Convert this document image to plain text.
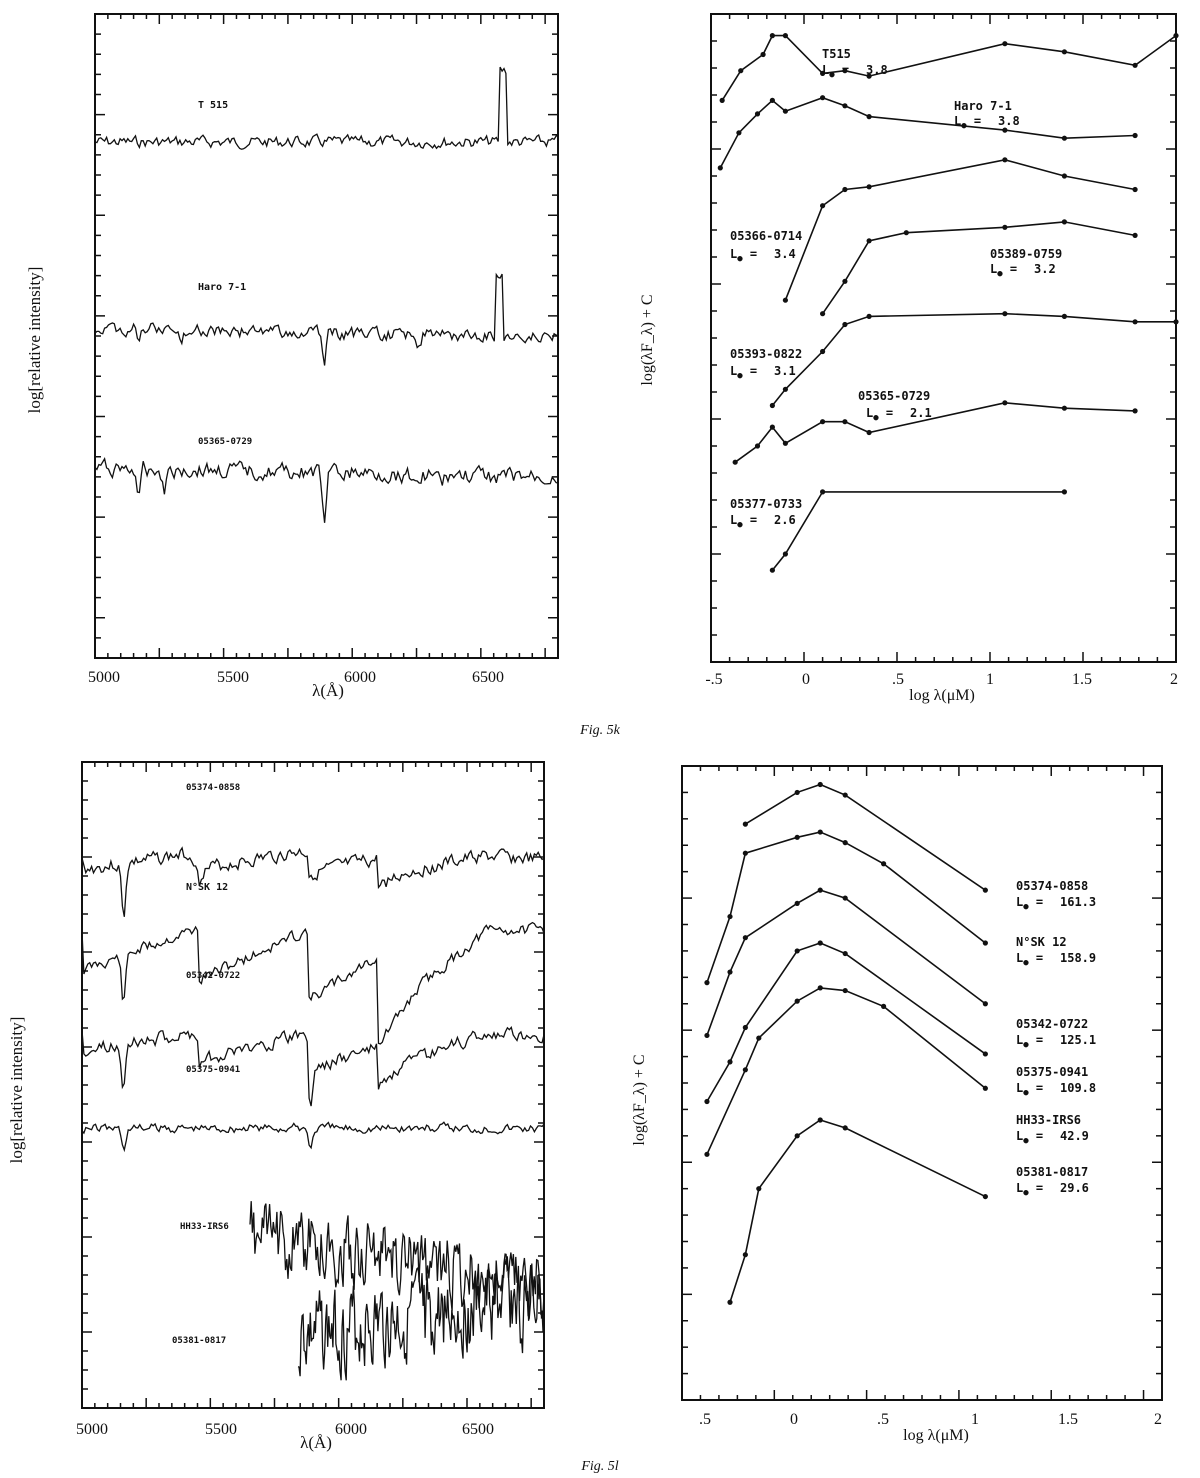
log[relative intensity]
λ(Å)
5000	5500	6000	6500
T 515
Haro 7-1
05365-0729
log(λF_λ) + C
log λ(μM)
-.5	0	.5	1	1.5	2
T515
$L_● = 3.8$
Haro 7-1
$L_● = 3.8$
05366-0714
$L_● = 3.4$	05389-0759
$L_● = 3.2$
05393-0822
$L_● = 3.1$
05365-0729
$L_● = 2.1$
05377-0733
$L_● = 2.6$
Fig. 5k
log[relative intensity]
λ(Å)
5000	5500	6000	6500
05374-0858
N°SK 12
05342-0722
05375-0941
HH33-IRS6
05381-0817
log(λF_λ) + C
log λ(μM)
.5	0	.5	1	1.5	2
05374-0858
$L_● = 161.3$
N°SK 12
$L_● = 158.9$
05342-0722
$L_● = 125.1$
05375-0941
$L_● = 109.8$
HH33-IRS6
$L_● = 42.9$
05381-0817
$L_● = 29.6$
Fig. 5l
